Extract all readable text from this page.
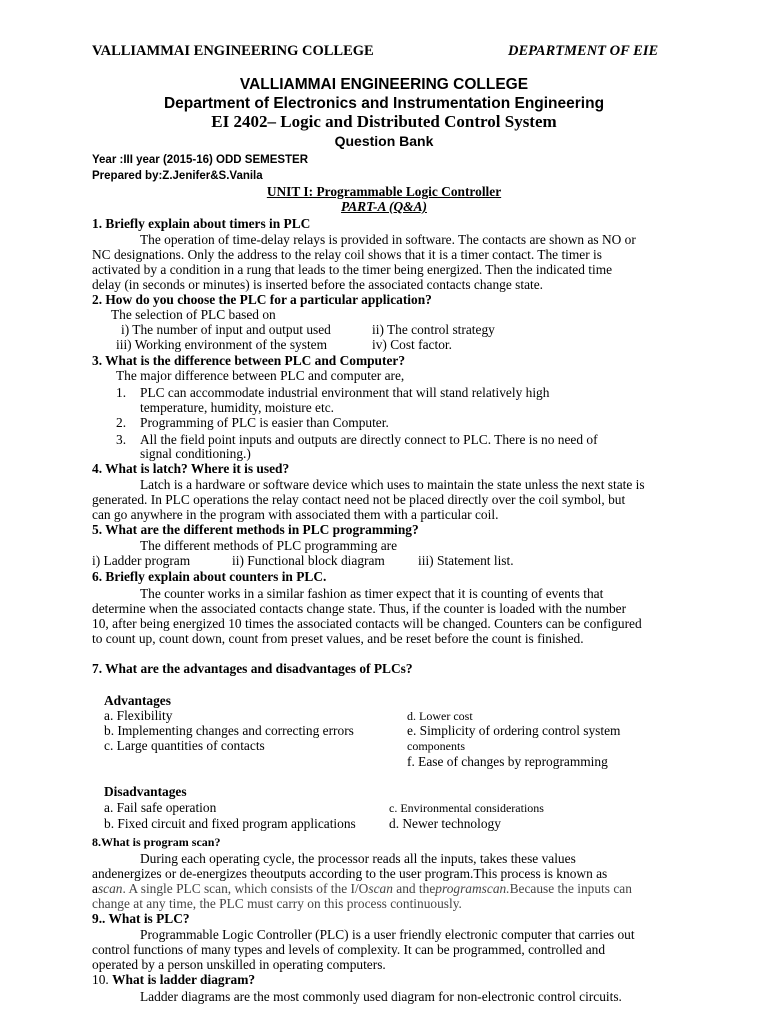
VALLIAMMAI ENGINEERING COLLEGE	DEPARTMENT OF EIE
VALLIAMMAI ENGINEERING COLLEGE
Department of Electronics and Instrumentation Engineering
EI 2402– Logic and Distributed Control System
Question Bank
Year :III year (2015-16) ODD SEMESTER
Prepared by:Z.Jenifer&S.Vanila
UNIT I: Programmable Logic Controller
PART-A (Q&A)
1. Briefly explain about timers in PLC
The operation of time-delay relays is provided in software. The contacts are shown as NO or
NC designations. Only the address to the relay coil shows that it is a timer contact. The timer is
activated by a condition in a rung that leads to the timer being energized. Then the indicated time
delay (in seconds or minutes) is inserted before the associated contacts change state.
2. How do you choose the PLC for a particular application?
The selection of PLC based on
i) The number of input and output used	ii) The control strategy
iii) Working environment of the system	iv) Cost factor.
3. What is the difference between PLC and Computer?
The major difference between PLC and computer are,
1. PLC can accommodate industrial environment that will stand relatively high
temperature, humidity, moisture etc.
2. Programming of PLC is easier than Computer.
3. All the field point inputs and outputs are directly connect to PLC. There is no need of
signal conditioning.)
4. What is latch? Where it is used?
Latch is a hardware or software device which uses to maintain the state unless the next state is
generated. In PLC operations the relay contact need not be placed directly over the coil symbol, but
can go anywhere in the program with associated them with a particular coil.
5. What are the different methods in PLC programming?
The different methods of PLC programming are
i) Ladder program	ii) Functional block diagram iii) Statement list.
6. Briefly explain about counters in PLC.
The counter works in a similar fashion as timer expect that it is counting of events that
determine when the associated contacts change state. Thus, if the counter is loaded with the number
10, after being energized 10 times the associated contacts will be changed. Counters can be configured
to count up, count down, count from preset values, and be reset before the count is finished.
7. What are the advantages and disadvantages of PLCs?
Advantages
a. Flexibility
b. Implementing changes and correcting errors
c. Large quantities of contacts
d. Lower cost
e. Simplicity of ordering control system
components
f. Ease of changes by reprogramming
Disadvantages
a. Fail safe operation
b. Fixed circuit and fixed program applications
c. Environmental considerations
d. Newer technology
8.What is program scan?
During each operating cycle, the processor reads all the inputs, takes these values
andenergizes or de-energizes theoutputs according to the user program.This process is known as
ascan. A single PLC scan, which consists of the I/Oscan and theprogramscan.Because the inputs can
change at any time, the PLC must carry on this process continuously.
9.. What is PLC?
Programmable Logic Controller (PLC) is a user friendly electronic computer that carries out
control functions of many types and levels of complexity. It can be programmed, controlled and
operated by a person unskilled in operating computers.
10. What is ladder diagram?
Ladder diagrams are the most commonly used diagram for non-electronic control circuits.
